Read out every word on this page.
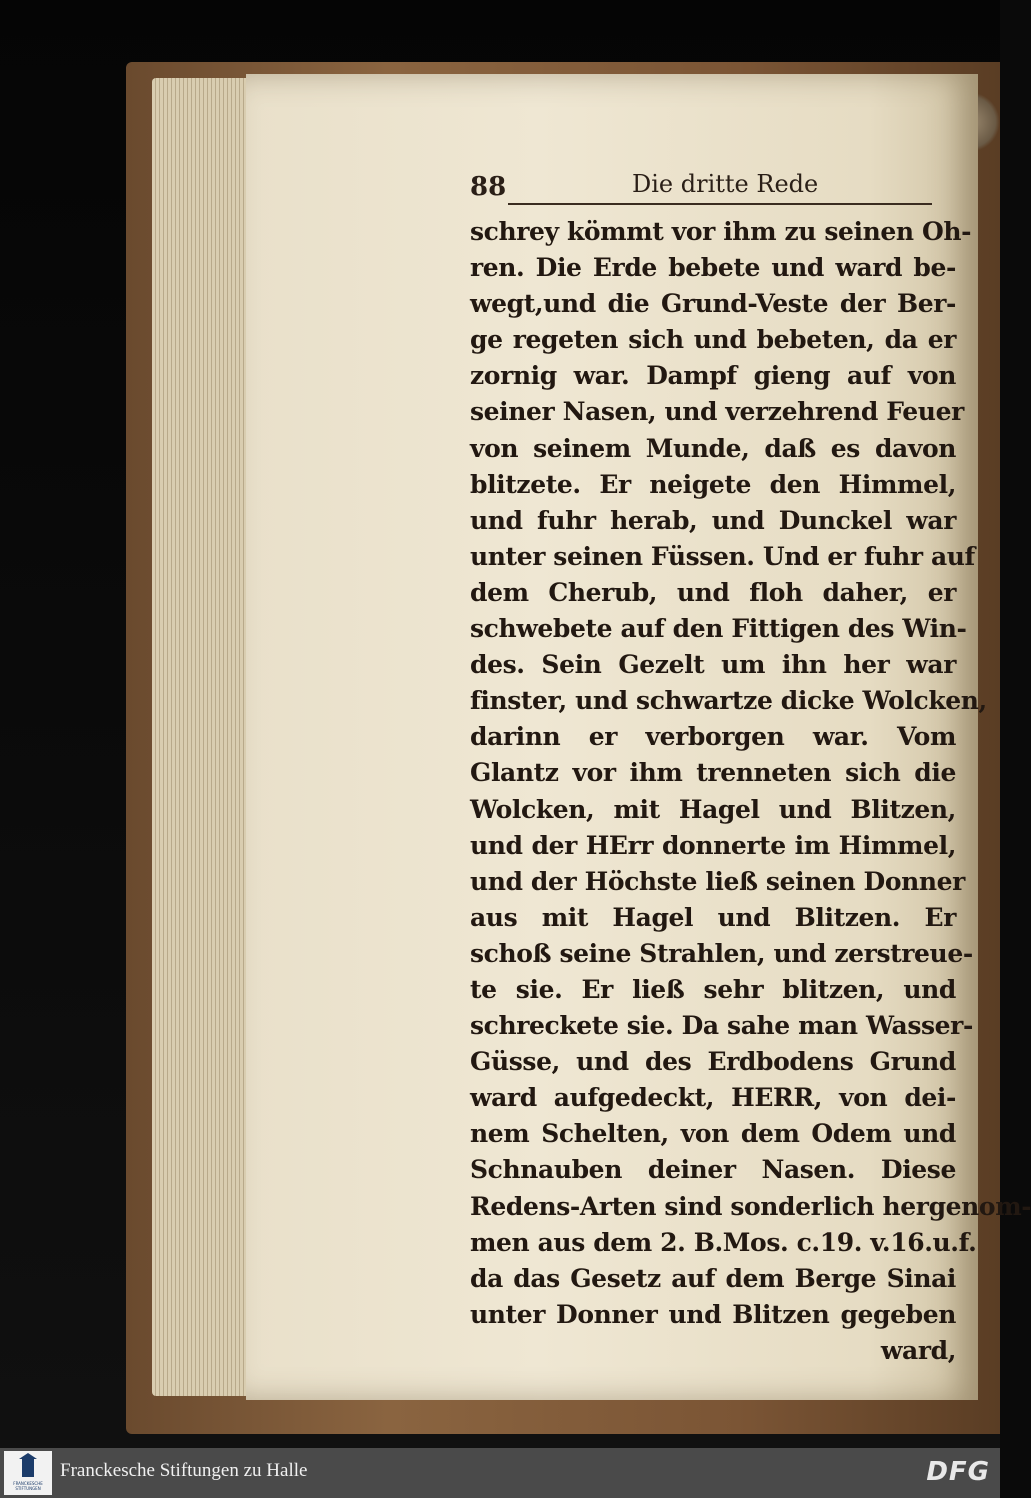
88	Die dritte Rede
schrey kömmt vor ihm zu seinen Oh-
ren. Die Erde bebete und ward be-
wegt,und die Grund-Veste der Ber-
ge regeten sich und bebeten, da er
zornig war. Dampf gieng auf von
seiner Nasen, und verzehrend Feuer
von seinem Munde, daß es davon
blitzete. Er neigete den Himmel,
und fuhr herab, und Dunckel war
unter seinen Füssen. Und er fuhr auf
dem Cherub, und floh daher, er
schwebete auf den Fittigen des Win-
des. Sein Gezelt um ihn her war
finster, und schwartze dicke Wolcken,
darinn er verborgen war. Vom
Glantz vor ihm trenneten sich die
Wolcken, mit Hagel und Blitzen,
und der HErr donnerte im Himmel,
und der Höchste ließ seinen Donner
aus mit Hagel und Blitzen. Er
schoß seine Strahlen, und zerstreue-
te sie. Er ließ sehr blitzen, und
schreckete sie. Da sahe man Wasser-
Güsse, und des Erdbodens Grund
ward aufgedeckt, HERR, von dei-
nem Schelten, von dem Odem und
Schnauben deiner Nasen. Diese
Redens-Arten sind sonderlich hergenom-
men aus dem 2. B.Mos. c.19. v.16.u.f.
da das Gesetz auf dem Berge Sinai
unter Donner und Blitzen gegeben
ward,
FRANCKESCHE STIFTUNGEN
Franckesche Stiftungen zu Halle	DFG
